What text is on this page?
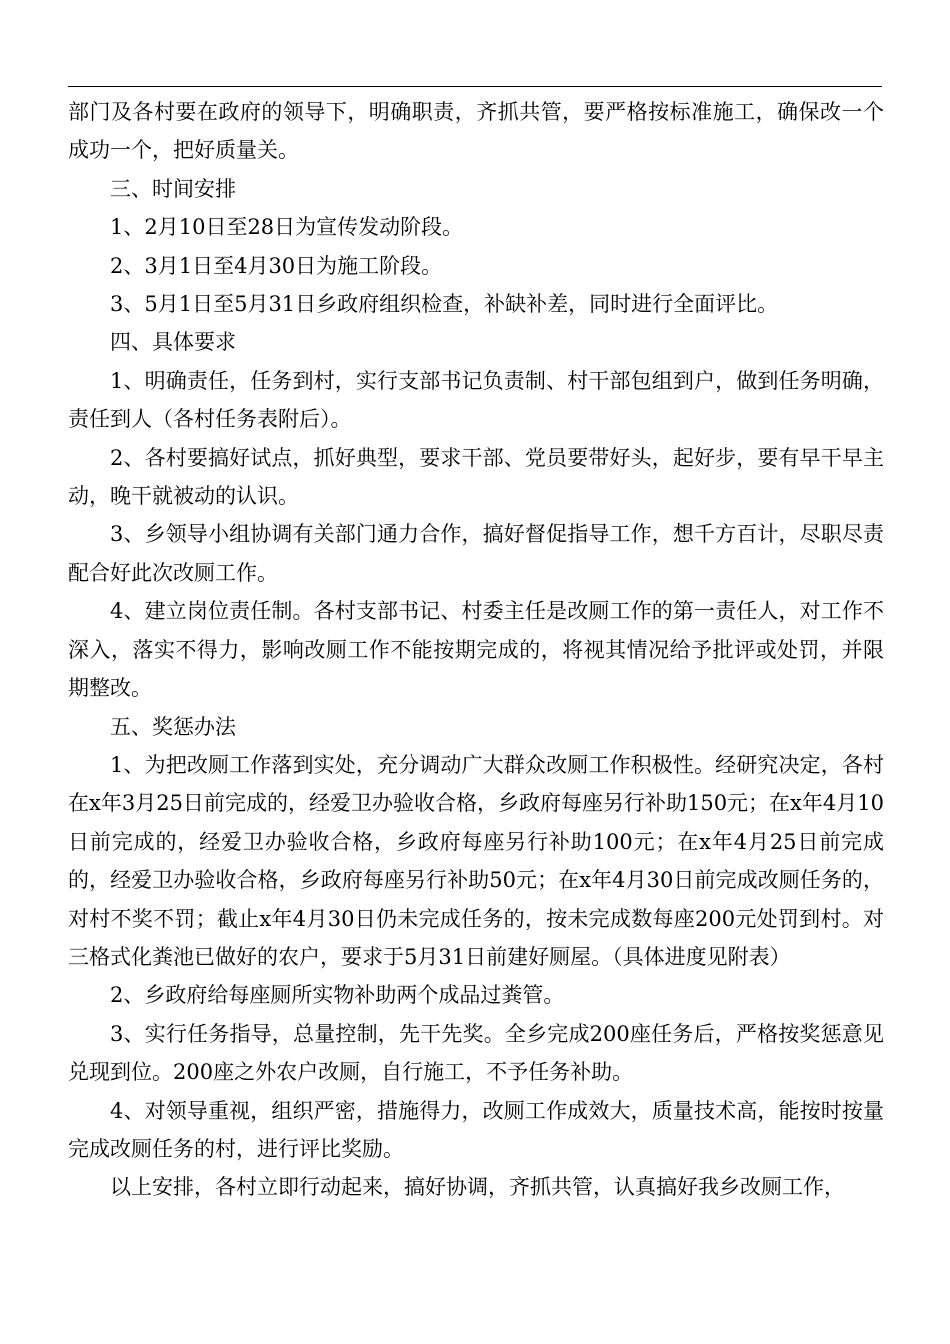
部门及各村要在政府的领导下，明确职责，齐抓共管，要严格按标准施工，确保改一个成功一个，把好质量关。

三、时间安排

1、2月10日至28日为宣传发动阶段。

2、3月1日至4月30日为施工阶段。

3、5月1日至5月31日乡政府组织检查，补缺补差，同时进行全面评比。

四、具体要求

1、明确责任，任务到村，实行支部书记负责制、村干部包组到户，做到任务明确，责任到人（各村任务表附后）。

2、各村要搞好试点，抓好典型，要求干部、党员要带好头，起好步，要有早干早主动，晚干就被动的认识。

3、乡领导小组协调有关部门通力合作，搞好督促指导工作，想千方百计，尽职尽责配合好此次改厕工作。

4、建立岗位责任制。各村支部书记、村委主任是改厕工作的第一责任人，对工作不深入，落实不得力，影响改厕工作不能按期完成的，将视其情况给予批评或处罚，并限期整改。

五、奖惩办法

1、为把改厕工作落到实处，充分调动广大群众改厕工作积极性。经研究决定，各村在x年3月25日前完成的，经爱卫办验收合格，乡政府每座另行补助150元；在x年4月10日前完成的，经爱卫办验收合格，乡政府每座另行补助100元；在x年4月25日前完成的，经爱卫办验收合格，乡政府每座另行补助50元；在x年4月30日前完成改厕任务的，对村不奖不罚；截止x年4月30日仍未完成任务的，按未完成数每座200元处罚到村。对三格式化粪池已做好的农户，要求于5月31日前建好厕屋。（具体进度见附表）

2、乡政府给每座厕所实物补助两个成品过粪管。

3、实行任务指导，总量控制，先干先奖。全乡完成200座任务后，严格按奖惩意见兑现到位。200座之外农户改厕，自行施工，不予任务补助。

4、对领导重视，组织严密，措施得力，改厕工作成效大，质量技术高，能按时按量完成改厕任务的村，进行评比奖励。

以上安排，各村立即行动起来，搞好协调，齐抓共管，认真搞好我乡改厕工作，
